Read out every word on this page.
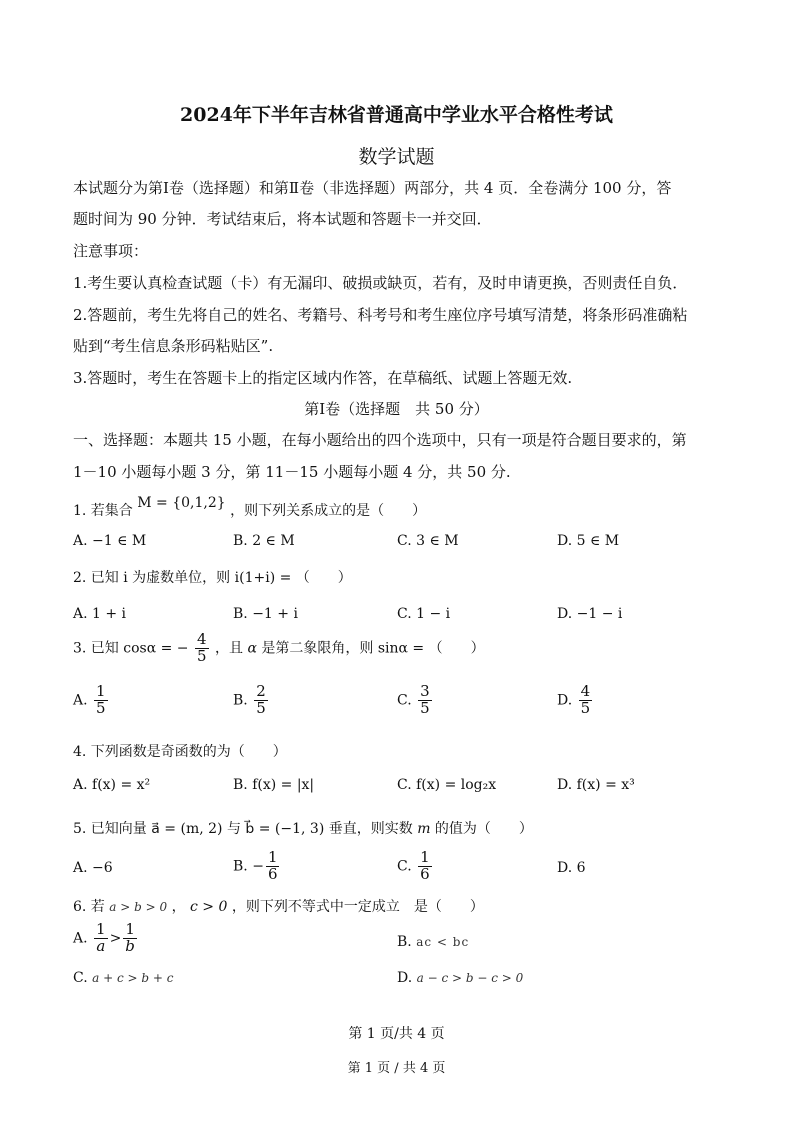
2024年下半年吉林省普通高中学业水平合格性考试
数学试题
本试题分为第Ⅰ卷（选择题）和第Ⅱ卷（非选择题）两部分，共 4 页．全卷满分 100 分，答
题时间为 90 分钟．考试结束后，将本试题和答题卡一并交回．
注意事项：
1.考生要认真检查试题（卡）有无漏印、破损或缺页，若有，及时申请更换，否则责任自负．
2.答题前，考生先将自己的姓名、考籍号、科考号和考生座位序号填写清楚，将条形码准确粘
贴到“考生信息条形码粘贴区”.
3.答题时，考生在答题卡上的指定区域内作答，在草稿纸、试题上答题无效.
第Ⅰ卷（选择题　共 50 分）
一、选择题：本题共 15 小题，在每小题给出的四个选项中，只有一项是符合题目要求的，第
1－10 小题每小题 3 分，第 11－15 小题每小题 4 分，共 50 分.
1. 若集合 M = {0,1,2} ，则下列关系成立的是（　　）
A. −1 ∈ M	B. 2 ∈ M	C. 3 ∈ M	D. 5 ∈ M
2. 已知 i 为虚数单位，则 i(1+i) = （　　）
A. 1 + i	B. −1 + i	C. 1 − i	D. −1 − i
3. 已知 cosα = − $\frac{4}{5}$ ，且 α 是第二象限角，则 sinα = （　　）
A. $\frac{1}{5}$	B. $\frac{2}{5}$	C. $\frac{3}{5}$	D. $\frac{4}{5}$
4. 下列函数是奇函数的为（　　）
A. f(x) = x²	B. f(x) = |x|	C. f(x) = log₂x	D. f(x) = x³
5. 已知向量 a⃗ = (m, 2) 与 b⃗ = (−1, 3) 垂直，则实数 m 的值为（　　）
A. −6	B. − $\frac{1}{6}$	C. $\frac{1}{6}$	D. 6
6. 若 a > b > 0 ， c > 0 ，则下列不等式中一定成立　是（　　）
A. $\frac{1}{a} > \frac{1}{b}$	B. ac < bc
C. a + c > b + c	D. a − c > b − c > 0
第 1 页/共 4 页
第 1 页 / 共 4 页
